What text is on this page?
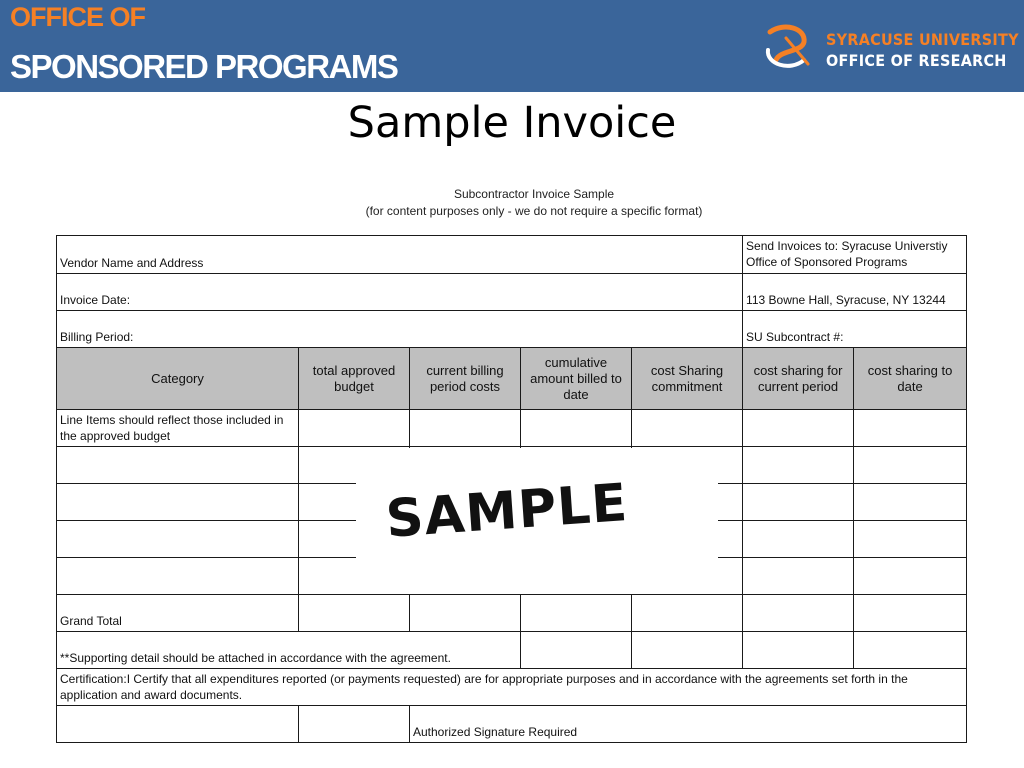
OFFICE OF
SPONSORED PROGRAMS
SYRACUSE UNIVERSITY
OFFICE OF RESEARCH
Sample Invoice
Subcontractor Invoice Sample
(for content purposes only - we do not require a specific format)
Vendor Name and Address					Send Invoices to: Syracuse Universtiy
Office of Sponsored Programs	

Invoice Date:					113 Bowne Hall, Syracuse, NY 13244	
Billing Period:					SU Subcontract #:	
Category	total approved budget	current billing period costs	cumulative amount billed to date	cost Sharing commitment	cost sharing for current period	cost sharing to date
Line Items should reflect those included in the approved budget						

Grand Total						
**Supporting detail should be attached in accordance with the agreement.						
Certification:I Certify that all expenditures reported (or payments requested) are for appropriate purposes and in accordance with the agreements set forth in the application and award documents.						
		Authorized Signature Required				
SAMPLE
